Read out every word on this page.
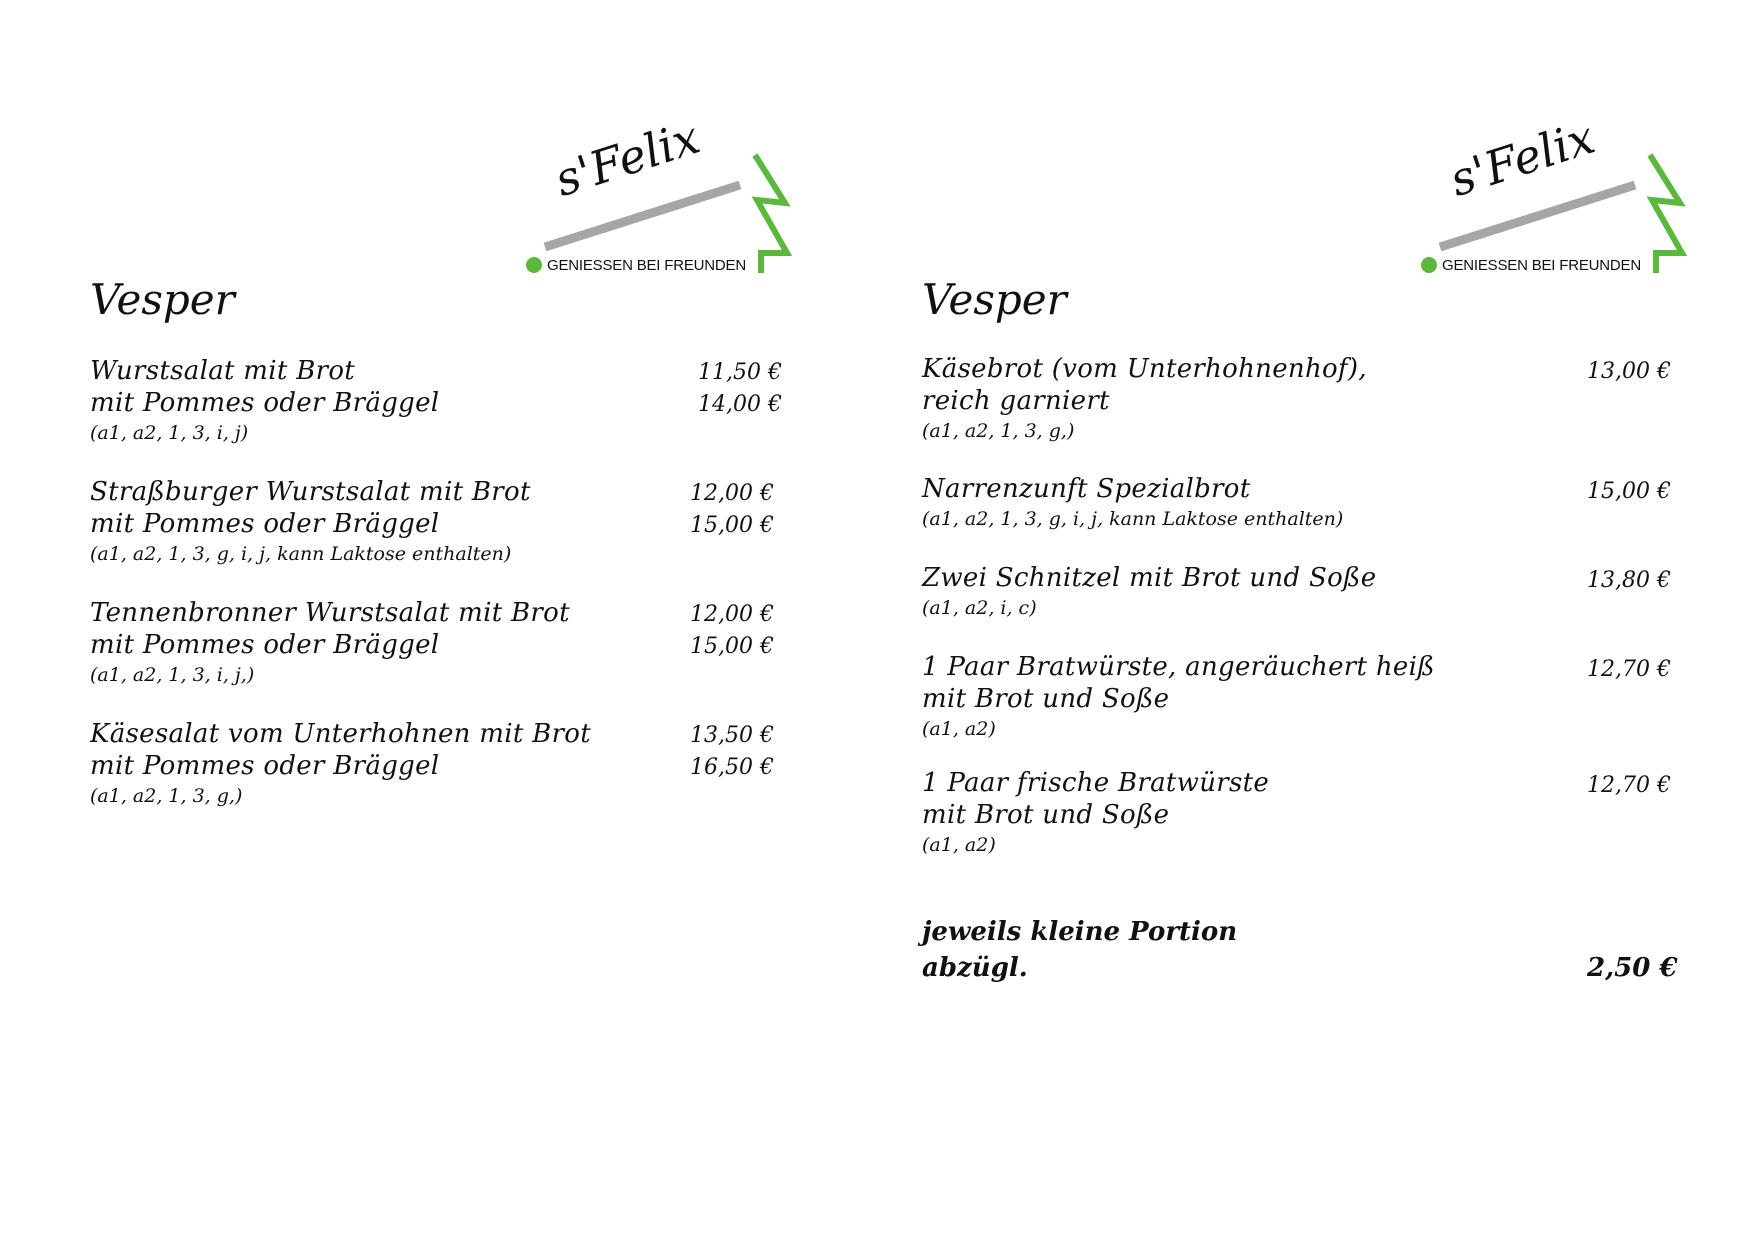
s'Felix
GENIESSEN BEI FREUNDEN
Vesper
Wurstsalat mit Brot
mit Pommes oder Bräggel
(a1, a2, 1, 3, i, j)
11,50 €
14,00 €
Straßburger Wurstsalat mit Brot
mit Pommes oder Bräggel
(a1, a2, 1, 3, g, i, j, kann Laktose enthalten)
12,00 €
15,00 €
Tennenbronner Wurstsalat mit Brot
mit Pommes oder Bräggel
(a1, a2, 1, 3, i, j,)
12,00 €
15,00 €
Käsesalat vom Unterhohnen mit Brot
mit Pommes oder Bräggel
(a1, a2, 1, 3, g,)
13,50 €
16,50 €
s'Felix
GENIESSEN BEI FREUNDEN
Vesper
Käsebrot (vom Unterhohnenhof),
reich garniert
(a1, a2, 1, 3, g,)
13,00 €
Narrenzunft Spezialbrot
(a1, a2, 1, 3, g, i, j, kann Laktose enthalten)
15,00 €
Zwei Schnitzel mit Brot und Soße
(a1, a2, i, c)
13,80 €
1 Paar Bratwürste, angeräuchert heiß
mit Brot und Soße
(a1, a2)
12,70 €
1 Paar frische Bratwürste
mit Brot und Soße
(a1, a2)
12,70 €
jeweils kleine Portion
abzügl.	2,50 €
